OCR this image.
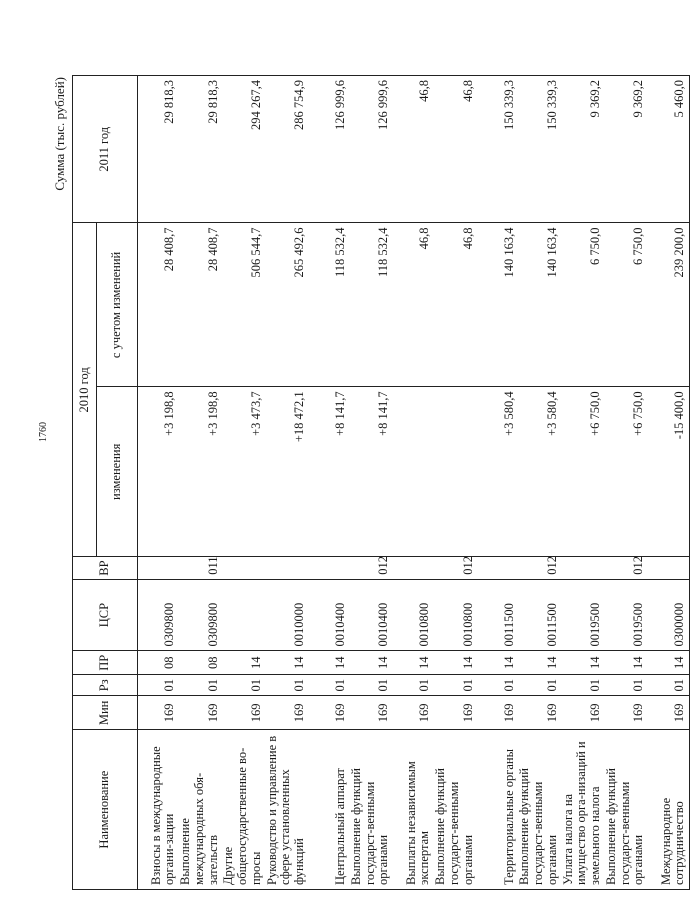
1760
Сумма (тыс. рублей)
Наименование	Мин	Рз	ПР	ЦСР	ВР	2010 год		2011 год
						изменения	с учетом изменений	
Взносы в международные органи-зации	169	01	08	0309800		+3 198,8	28 408,7	29 818,3
Выполнение международных обя-зательств	169	01	08	0309800	011	+3 198,8	28 408,7	29 818,3
Другие общегосударственные во-просы	169	01	14			+3 473,7	506 544,7	294 267,4
Руководство и управление в сфере установленных функций	169	01	14	0010000		+18 472,1	265 492,6	286 754,9
Центральный аппарат	169	01	14	0010400		+8 141,7	118 532,4	126 999,6
Выполнение функций государст-венными органами	169	01	14	0010400	012	+8 141,7	118 532,4	126 999,6
Выплаты независимым экспертам	169	01	14	0010800			46,8	46,8
Выполнение функций государст-венными органами	169	01	14	0010800	012		46,8	46,8
Территориальные органы	169	01	14	0011500		+3 580,4	140 163,4	150 339,3
Выполнение функций государст-венными органами	169	01	14	0011500	012	+3 580,4	140 163,4	150 339,3
Уплата налога на имущество орга-низаций и земельного налога	169	01	14	0019500		+6 750,0	6 750,0	9 369,2
Выполнение функций государст-венными органами	169	01	14	0019500	012	+6 750,0	6 750,0	9 369,2
Международное сотрудничество	169	01	14	0300000		-15 400,0	239 200,0	5 460,0
